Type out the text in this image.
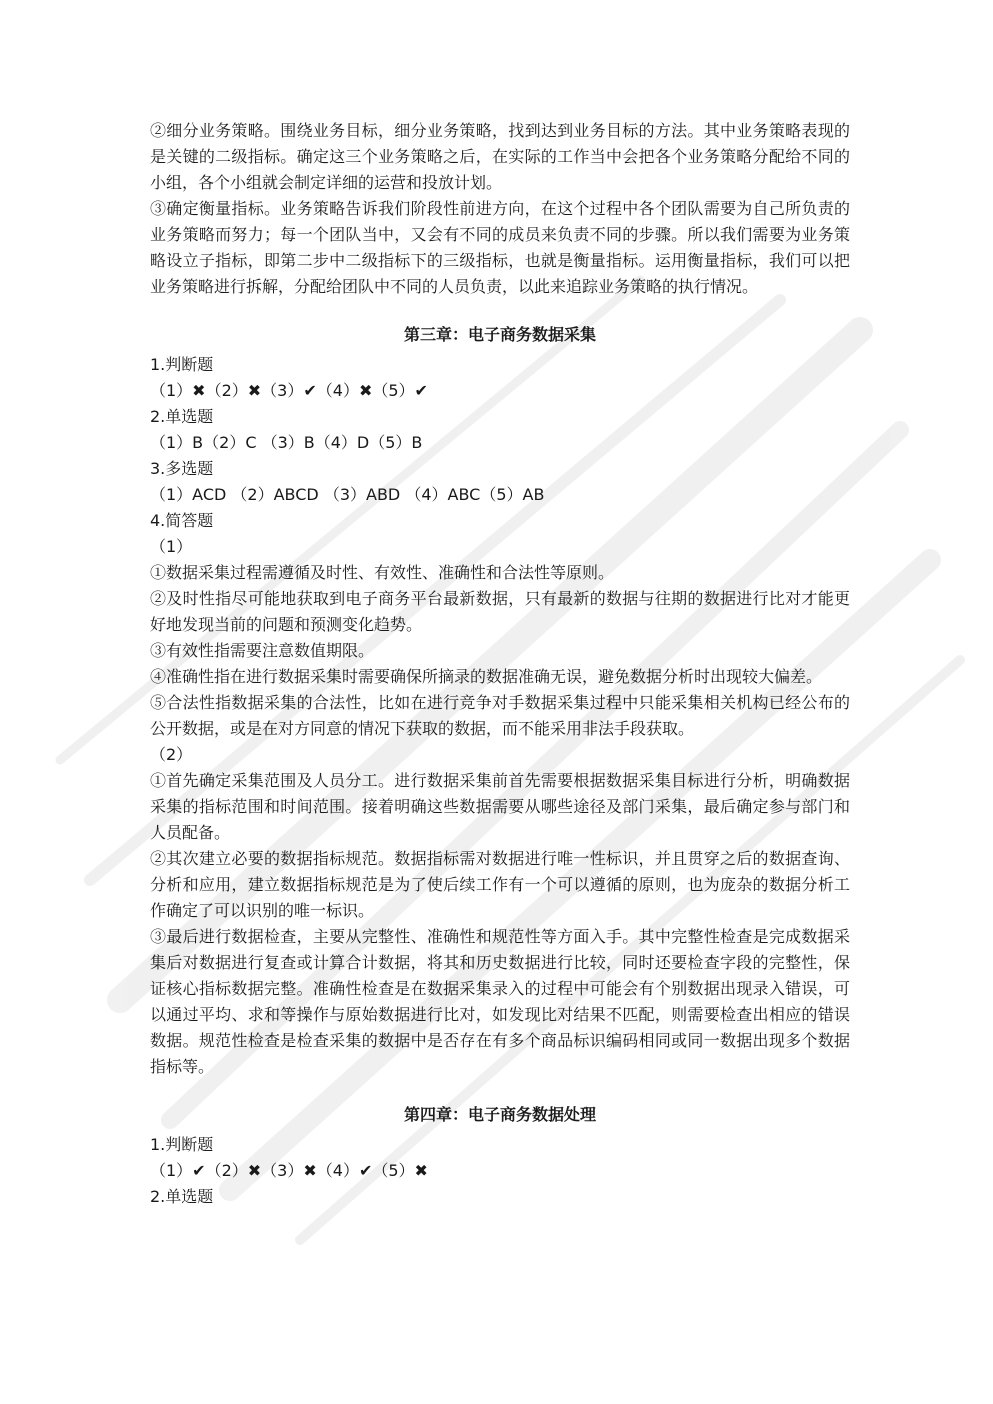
②细分业务策略。围绕业务目标，细分业务策略，找到达到业务目标的方法。其中业务策略表现的是关键的二级指标。确定这三个业务策略之后，在实际的工作当中会把各个业务策略分配给不同的小组，各个小组就会制定详细的运营和投放计划。

③确定衡量指标。业务策略告诉我们阶段性前进方向，在这个过程中各个团队需要为自己所负责的业务策略而努力；每一个团队当中，又会有不同的成员来负责不同的步骤。所以我们需要为业务策略设立子指标，即第二步中二级指标下的三级指标，也就是衡量指标。运用衡量指标，我们可以把业务策略进行拆解，分配给团队中不同的人员负责，以此来追踪业务策略的执行情况。

第三章：电子商务数据采集

1.判断题

（1）✖（2）✖（3）✔（4）✖（5）✔

2.单选题

（1）B（2）C （3）B（4）D（5）B

3.多选题

（1）ACD （2）ABCD （3）ABD （4）ABC（5）AB

4.简答题

（1）

①数据采集过程需遵循及时性、有效性、准确性和合法性等原则。

②及时性指尽可能地获取到电子商务平台最新数据，只有最新的数据与往期的数据进行比对才能更好地发现当前的问题和预测变化趋势。

③有效性指需要注意数值期限。

④准确性指在进行数据采集时需要确保所摘录的数据准确无误，避免数据分析时出现较大偏差。

⑤合法性指数据采集的合法性，比如在进行竞争对手数据采集过程中只能采集相关机构已经公布的公开数据，或是在对方同意的情况下获取的数据，而不能采用非法手段获取。

（2）

①首先确定采集范围及人员分工。进行数据采集前首先需要根据数据采集目标进行分析，明确数据采集的指标范围和时间范围。接着明确这些数据需要从哪些途径及部门采集，最后确定参与部门和人员配备。

②其次建立必要的数据指标规范。数据指标需对数据进行唯一性标识，并且贯穿之后的数据查询、分析和应用，建立数据指标规范是为了使后续工作有一个可以遵循的原则，也为庞杂的数据分析工作确定了可以识别的唯一标识。

③最后进行数据检查，主要从完整性、准确性和规范性等方面入手。其中完整性检查是完成数据采集后对数据进行复查或计算合计数据，将其和历史数据进行比较，同时还要检查字段的完整性，保证核心指标数据完整。准确性检查是在数据采集录入的过程中可能会有个别数据出现录入错误，可以通过平均、求和等操作与原始数据进行比对，如发现比对结果不匹配，则需要检查出相应的错误数据。规范性检查是检查采集的数据中是否存在有多个商品标识编码相同或同一数据出现多个数据指标等。

第四章：电子商务数据处理

1.判断题

（1）✔（2）✖（3）✖（4）✔（5）✖

2.单选题
